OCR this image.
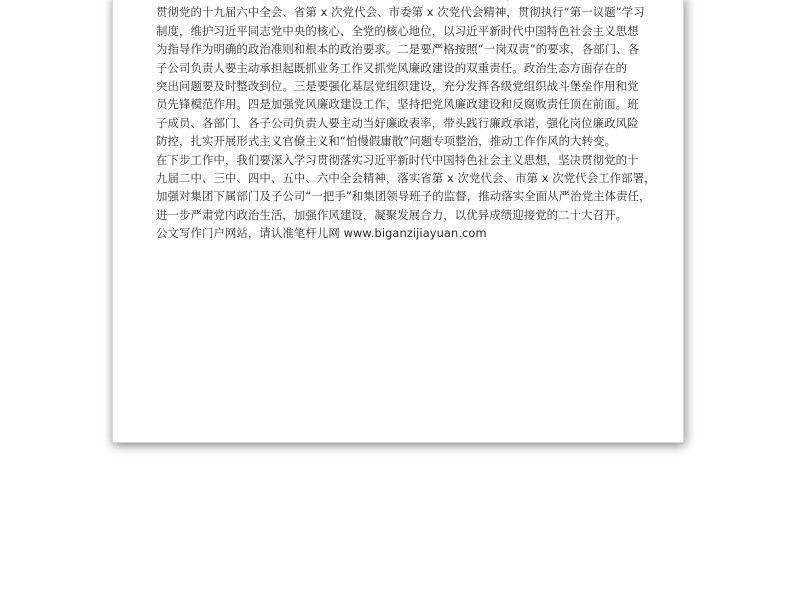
贯彻党的十九届六中全会、省第 x 次党代会、市委第 x 次党代会精神，贯彻执行“第一议题”学习
制度，维护习近平同志党中央的核心、全党的核心地位，以习近平新时代中国特色社会主义思想
为指导作为明确的政治准则和根本的政治要求。二是要严格按照“一岗双责”的要求，各部门、各
子公司负责人要主动承担起既抓业务工作又抓党风廉政建设的双重责任。政治生态方面存在的
突出问题要及时整改到位。三是要强化基层党组织建设，充分发挥各级党组织战斗堡垒作用和党
员先锋模范作用。四是加强党风廉政建设工作，坚持把党风廉政建设和反腐败责任顶在前面。班
子成员、各部门、各子公司负责人要主动当好廉政表率，带头践行廉政承诺，强化岗位廉政风险
防控，扎实开展形式主义官僚主义和“怕慢假庸散”问题专项整治，推动工作作风的大转变。
在下步工作中，我们要深入学习贯彻落实习近平新时代中国特色社会主义思想，坚决贯彻党的十
九届二中、三中、四中、五中、六中全会精神，落实省第 x 次党代会、市第 x 次党代会工作部署，
加强对集团下属部门及子公司“一把手”和集团领导班子的监督，推动落实全面从严治党主体责任，
进一步严肃党内政治生活，加强作风建设，凝聚发展合力，以优异成绩迎接党的二十大召开。
公文写作门户网站，请认准笔杆儿网 www.biganzijiayuan.com
